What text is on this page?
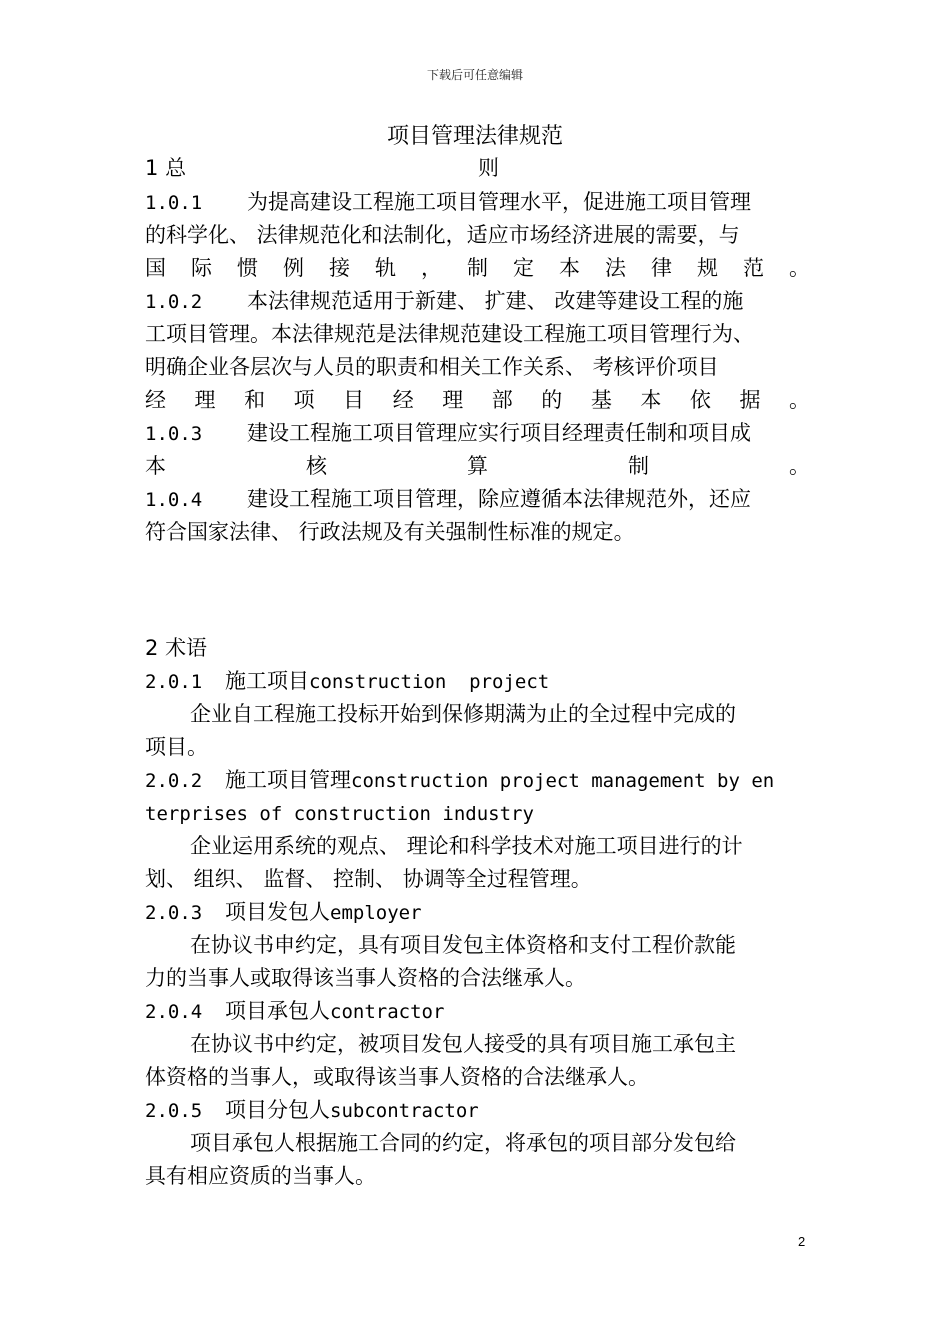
下载后可任意编辑
项目管理法律规范
1 总	则
1.0.1 为提高建设工程施工项目管理水平，促进施工项目管理
的科学化、 法律规范化和法制化，适应市场经济进展的需要，与
国 际 惯 例 接 轨 ， 制 定 本 法 律 规 范 。
1.0.2 本法律规范适用于新建、 扩建、 改建等建设工程的施
工项目管理。本法律规范是法律规范建设工程施工项目管理行为、
明确企业各层次与人员的职责和相关工作关系、 考核评价项目
经 理 和 项 目 经 理 部 的 基 本 依 据 。
1.0.3 建设工程施工项目管理应实行项目经理责任制和项目成
本 核 算 制 。
1.0.4 建设工程施工项目管理，除应遵循本法律规范外，还应
符合国家法律、 行政法规及有关强制性标准的规定。
2 术语
2.0.1 施工项目construction  project
企业自工程施工投标开始到保修期满为止的全过程中完成的
项目。
2.0.2 施工项目管理construction project management by en
terprises of construction industry
企业运用系统的观点、 理论和科学技术对施工项目进行的计
划、 组织、 监督、 控制、 协调等全过程管理。
2.0.3 项目发包人employer
在协议书申约定，具有项目发包主体资格和支付工程价款能
力的当事人或取得该当事人资格的合法继承人。
2.0.4 项目承包人contractor
在协议书中约定，被项目发包人接受的具有项目施工承包主
体资格的当事人，或取得该当事人资格的合法继承人。
2.0.5 项目分包人subcontractor
项目承包人根据施工合同的约定，将承包的项目部分发包给
具有相应资质的当事人。
2
